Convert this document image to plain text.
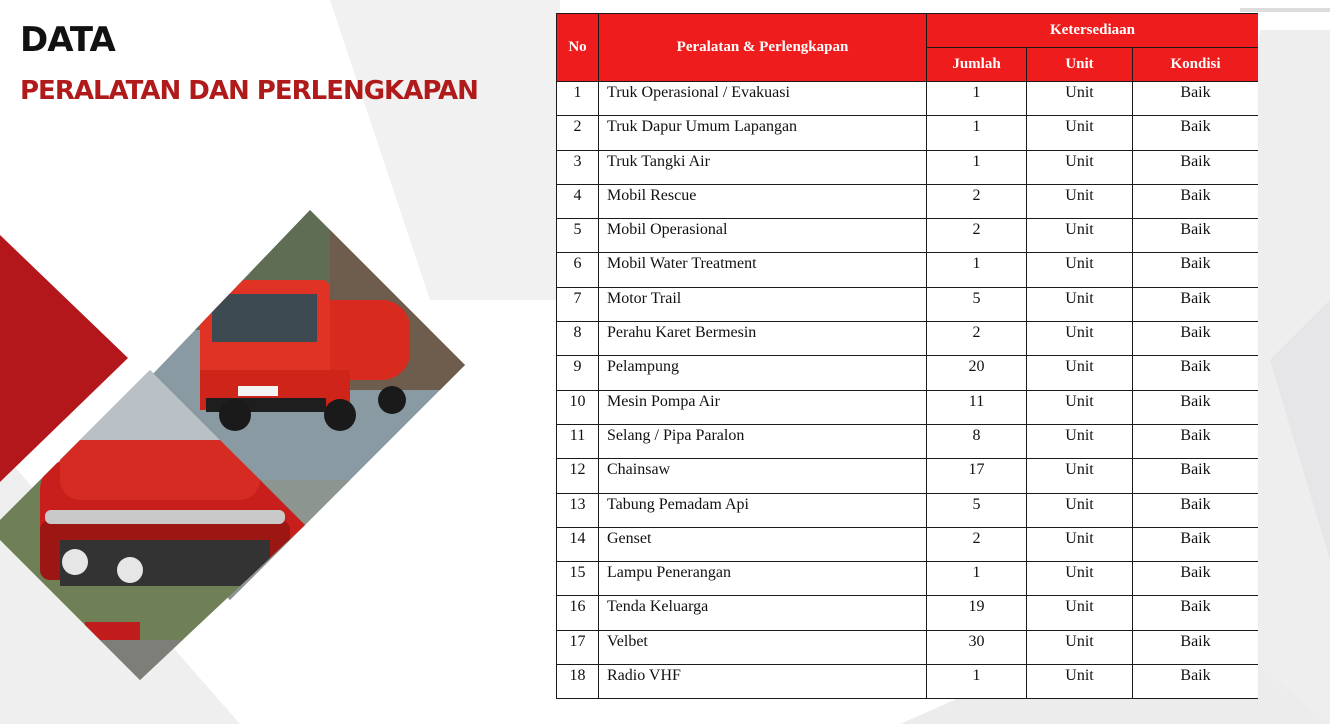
DATA
PERALATAN DAN PERLENGKAPAN
No	Peralatan & Perlengkapan	Ketersediaan		
		Jumlah	Unit	Kondisi
1	Truk Operasional / Evakuasi	1	Unit	Baik
2	Truk Dapur Umum Lapangan	1	Unit	Baik
3	Truk Tangki Air	1	Unit	Baik
4	Mobil Rescue	2	Unit	Baik
5	Mobil Operasional	2	Unit	Baik
6	Mobil Water Treatment	1	Unit	Baik
7	Motor Trail	5	Unit	Baik
8	Perahu Karet Bermesin	2	Unit	Baik
9	Pelampung	20	Unit	Baik
10	Mesin Pompa Air	11	Unit	Baik
11	Selang / Pipa Paralon	8	Unit	Baik
12	Chainsaw	17	Unit	Baik
13	Tabung Pemadam Api	5	Unit	Baik
14	Genset	2	Unit	Baik
15	Lampu Penerangan	1	Unit	Baik
16	Tenda Keluarga	19	Unit	Baik
17	Velbet	30	Unit	Baik
18	Radio VHF	1	Unit	Baik
